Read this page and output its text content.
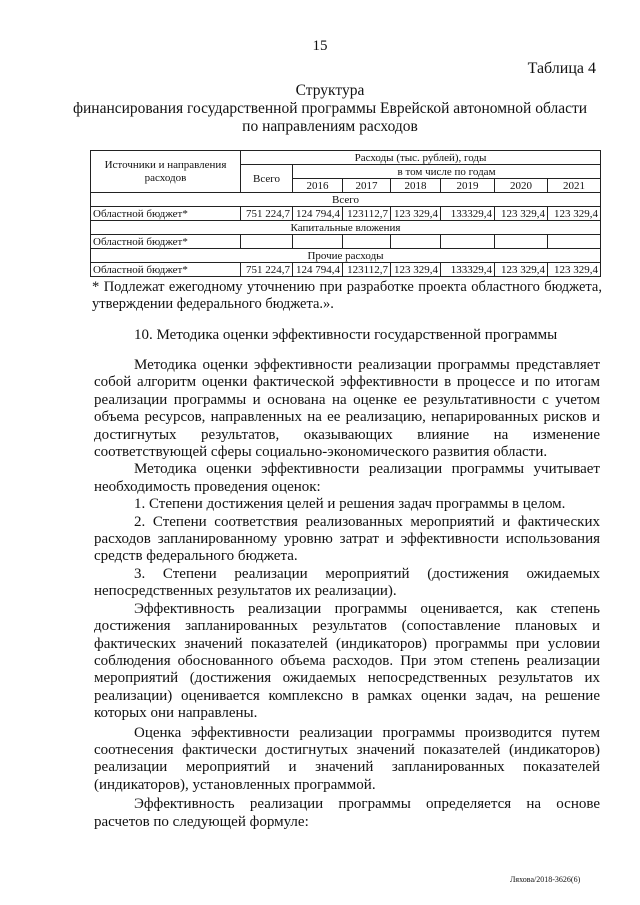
15
Таблица 4
Структура
финансирования государственной программы Еврейской автономной области
по направлениям расходов
Источники и направления расходов	Расходы (тыс. рублей), годы						
	Всего	в том числе по годам					
		2016	2017	2018	2019	2020	2021
Всего							
Областной бюджет*	751 224,7	124 794,4	123112,7	123 329,4	133329,4	123 329,4	123 329,4
Капитальные вложения							
Областной бюджет*							
Прочие расходы							
Областной бюджет*	751 224,7	124 794,4	123112,7	123 329,4	133329,4	123 329,4	123 329,4
* Подлежат ежегодному уточнению при разработке проекта областного бюджета, утверждении федерального бюджета.».
10. Методика оценки эффективности государственной программы

Методика оценки эффективности реализации программы представляет собой алгоритм оценки фактической эффективности в процессе и по итогам реализации программы и основана на оценке ее результативности с учетом объема ресурсов, направленных на ее реализацию, непарированных рисков и достигнутых результатов, оказывающих влияние на изменение соответствующей сферы социально-экономического развития области.

Методика оценки эффективности реализации программы учитывает необходимость проведения оценок:

1. Степени достижения целей и решения задач программы в целом.

2. Степени соответствия реализованных мероприятий и фактических расходов запланированному уровню затрат и эффективности использования средств федерального бюджета.

3. Степени реализации мероприятий (достижения ожидаемых непосредственных результатов их реализации).

Эффективность реализации программы оценивается, как степень достижения запланированных результатов (сопоставление плановых и фактических значений показателей (индикаторов) программы при условии соблюдения обоснованного объема расходов. При этом степень реализации мероприятий (достижения ожидаемых непосредственных результатов их реализации) оценивается комплексно в рамках оценки задач, на решение которых они направлены.

Оценка эффективности реализации программы производится путем соотнесения фактически достигнутых значений показателей (индикаторов) реализации мероприятий и значений запланированных показателей (индикаторов), установленных программой.

Эффективность реализации программы определяется на основе расчетов по следующей формуле:

Ляхова/2018-3626(6)
